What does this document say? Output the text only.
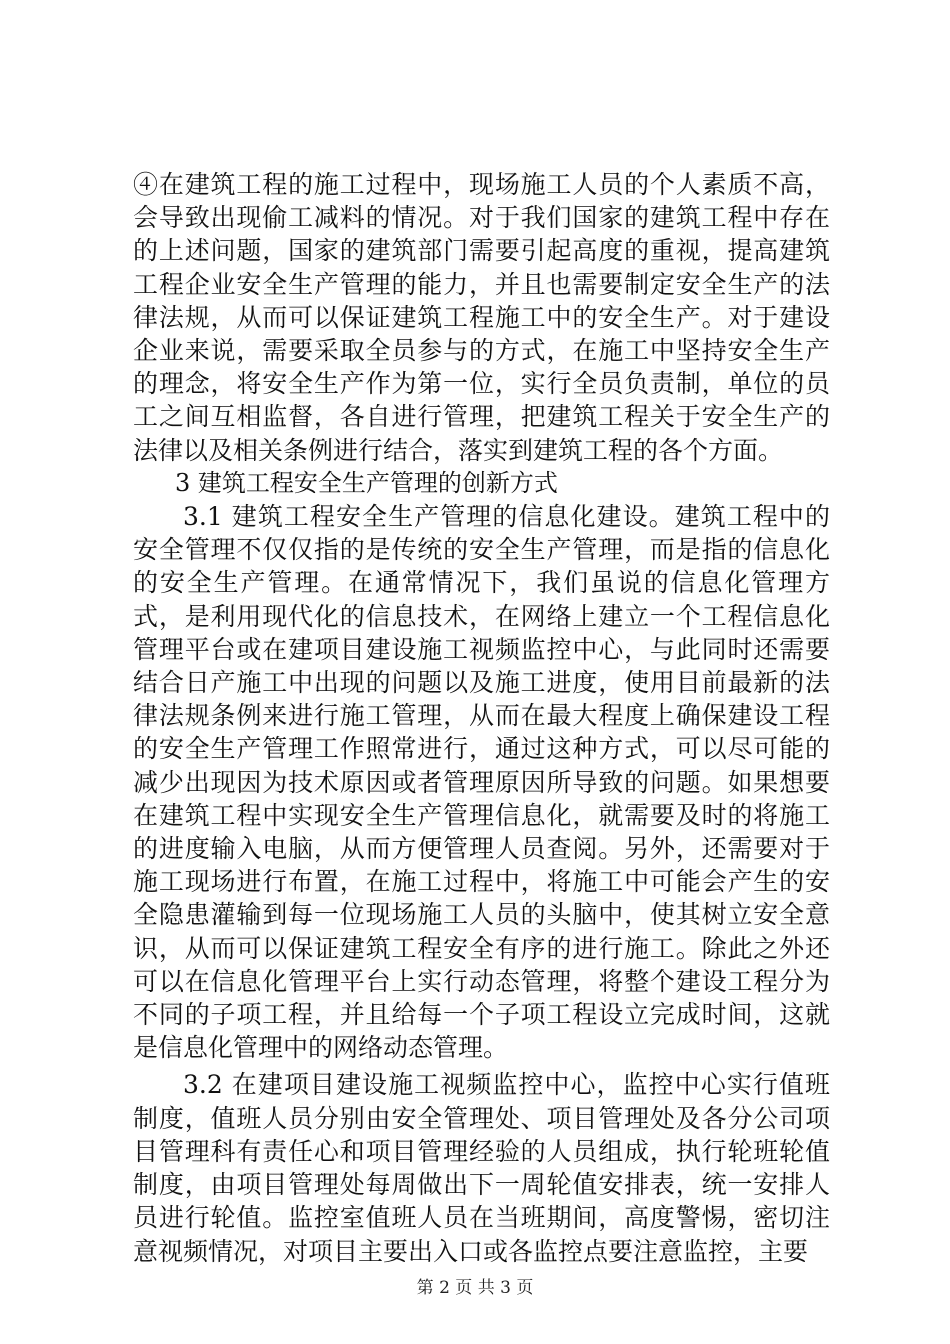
④在建筑工程的施工过程中，现场施工人员的个人素质不高，会导致出现偷工减料的情况。对于我们国家的建筑工程中存在的上述问题，国家的建筑部门需要引起高度的重视，提高建筑工程企业安全生产管理的能力，并且也需要制定安全生产的法律法规，从而可以保证建筑工程施工中的安全生产。对于建设企业来说，需要采取全员参与的方式，在施工中坚持安全生产的理念，将安全生产作为第一位，实行全员负责制，单位的员工之间互相监督，各自进行管理，把建筑工程关于安全生产的法律以及相关条例进行结合，落实到建筑工程的各个方面。

3 建筑工程安全生产管理的创新方式

3.1 建筑工程安全生产管理的信息化建设。建筑工程中的安全管理不仅仅指的是传统的安全生产管理，而是指的信息化的安全生产管理。在通常情况下，我们虽说的信息化管理方式，是利用现代化的信息技术，在网络上建立一个工程信息化管理平台或在建项目建设施工视频监控中心，与此同时还需要结合日产施工中出现的问题以及施工进度，使用目前最新的法律法规条例来进行施工管理，从而在最大程度上确保建设工程的安全生产管理工作照常进行，通过这种方式，可以尽可能的减少出现因为技术原因或者管理原因所导致的问题。如果想要在建筑工程中实现安全生产管理信息化，就需要及时的将施工的进度输入电脑，从而方便管理人员查阅。另外，还需要对于施工现场进行布置，在施工过程中，将施工中可能会产生的安全隐患灌输到每一位现场施工人员的头脑中，使其树立安全意识，从而可以保证建筑工程安全有序的进行施工。除此之外还可以在信息化管理平台上实行动态管理，将整个建设工程分为不同的子项工程，并且给每一个子项工程设立完成时间，这就是信息化管理中的网络动态管理。

3.2 在建项目建设施工视频监控中心，监控中心实行值班制度，值班人员分别由安全管理处、项目管理处及各分公司项目管理科有责任心和项目管理经验的人员组成，执行轮班轮值制度，由项目管理处每周做出下一周轮值安排表，统一安排人员进行轮值。监控室值班人员在当班期间，高度警惕，密切注意视频情况，对项目主要出入口或各监控点要注意监控，主要

第 2 页 共 3 页
